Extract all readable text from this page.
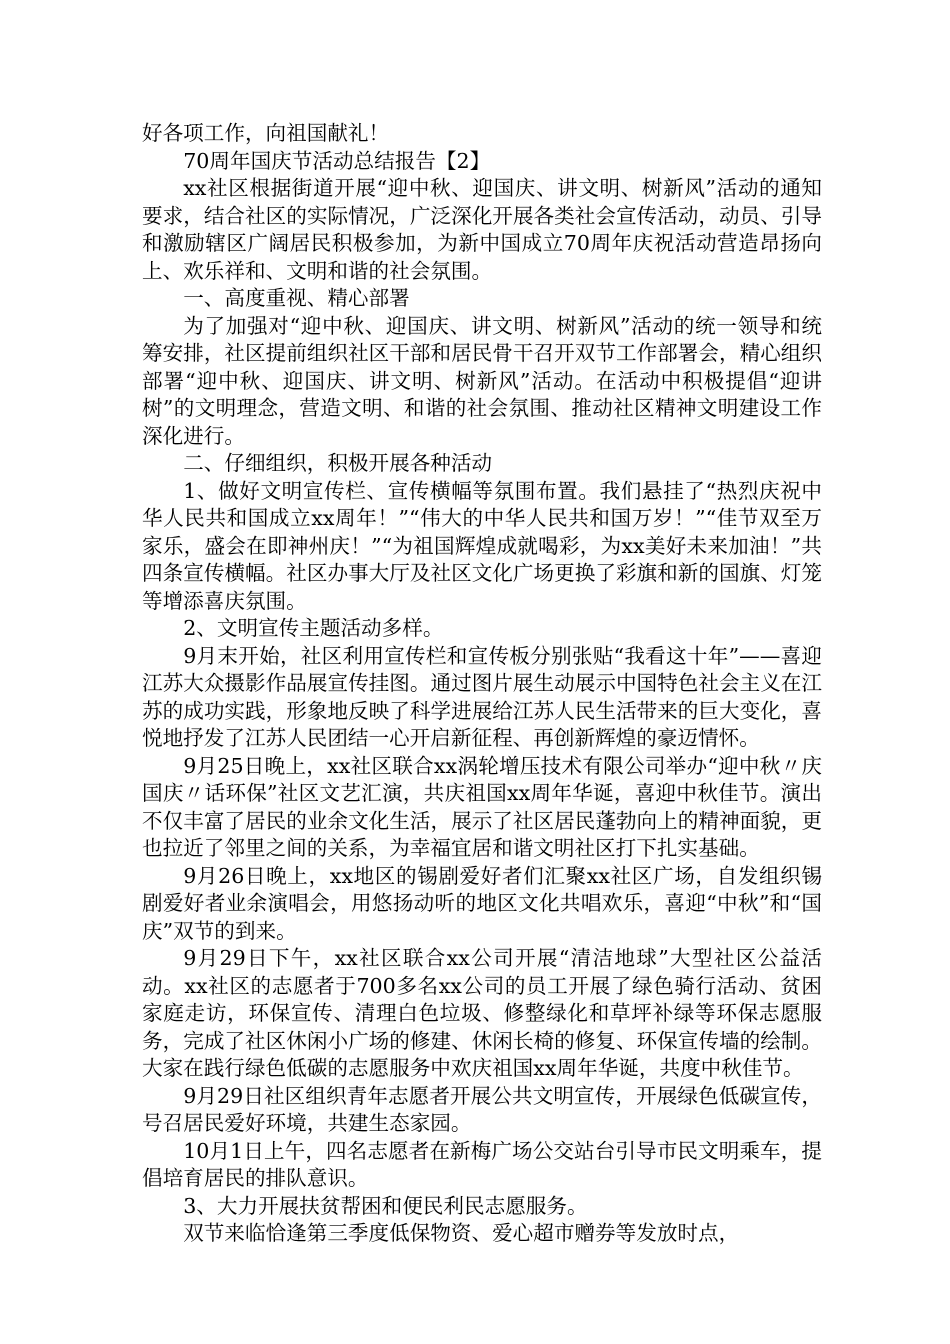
好各项工作，向祖国献礼！

70周年国庆节活动总结报告【2】

xx社区根据街道开展“迎中秋、迎国庆、讲文明、树新风”活动的通知要求，结合社区的实际情况，广泛深化开展各类社会宣传活动，动员、引导和激励辖区广阔居民积极参加，为新中国成立70周年庆祝活动营造昂扬向上、欢乐祥和、文明和谐的社会氛围。

一、高度重视、精心部署

为了加强对“迎中秋、迎国庆、讲文明、树新风”活动的统一领导和统筹安排，社区提前组织社区干部和居民骨干召开双节工作部署会，精心组织部署“迎中秋、迎国庆、讲文明、树新风”活动。在活动中积极提倡“迎讲树”的文明理念，营造文明、和谐的社会氛围、推动社区精神文明建设工作深化进行。

二、仔细组织，积极开展各种活动

1、做好文明宣传栏、宣传横幅等氛围布置。我们悬挂了“热烈庆祝中华人民共和国成立xx周年！”“伟大的中华人民共和国万岁！”“佳节双至万家乐，盛会在即神州庆！”“为祖国辉煌成就喝彩，为xx美好未来加油！”共四条宣传横幅。社区办事大厅及社区文化广场更换了彩旗和新的国旗、灯笼等增添喜庆氛围。

2、文明宣传主题活动多样。

9月末开始，社区利用宣传栏和宣传板分别张贴“我看这十年”——喜迎江苏大众摄影作品展宣传挂图。通过图片展生动展示中国特色社会主义在江苏的成功实践，形象地反映了科学进展给江苏人民生活带来的巨大变化，喜悦地抒发了江苏人民团结一心开启新征程、再创新辉煌的豪迈情怀。

9月25日晚上，xx社区联合xx涡轮增压技术有限公司举办“迎中秋〃庆国庆〃话环保”社区文艺汇演，共庆祖国xx周年华诞，喜迎中秋佳节。演出不仅丰富了居民的业余文化生活，展示了社区居民蓬勃向上的精神面貌，更也拉近了邻里之间的关系，为幸福宜居和谐文明社区打下扎实基础。

9月26日晚上，xx地区的锡剧爱好者们汇聚xx社区广场，自发组织锡剧爱好者业余演唱会，用悠扬动听的地区文化共唱欢乐，喜迎“中秋”和“国庆”双节的到来。

9月29日下午，xx社区联合xx公司开展“清洁地球”大型社区公益活动。xx社区的志愿者于700多名xx公司的员工开展了绿色骑行活动、贫困家庭走访，环保宣传、清理白色垃圾、修整绿化和草坪补绿等环保志愿服务，完成了社区休闲小广场的修建、休闲长椅的修复、环保宣传墙的绘制。大家在践行绿色低碳的志愿服务中欢庆祖国xx周年华诞，共度中秋佳节。

9月29日社区组织青年志愿者开展公共文明宣传，开展绿色低碳宣传，号召居民爱好环境，共建生态家园。

10月1日上午，四名志愿者在新梅广场公交站台引导市民文明乘车，提倡培育居民的排队意识。

3、大力开展扶贫帮困和便民利民志愿服务。

双节来临恰逢第三季度低保物资、爱心超市赠券等发放时点，
